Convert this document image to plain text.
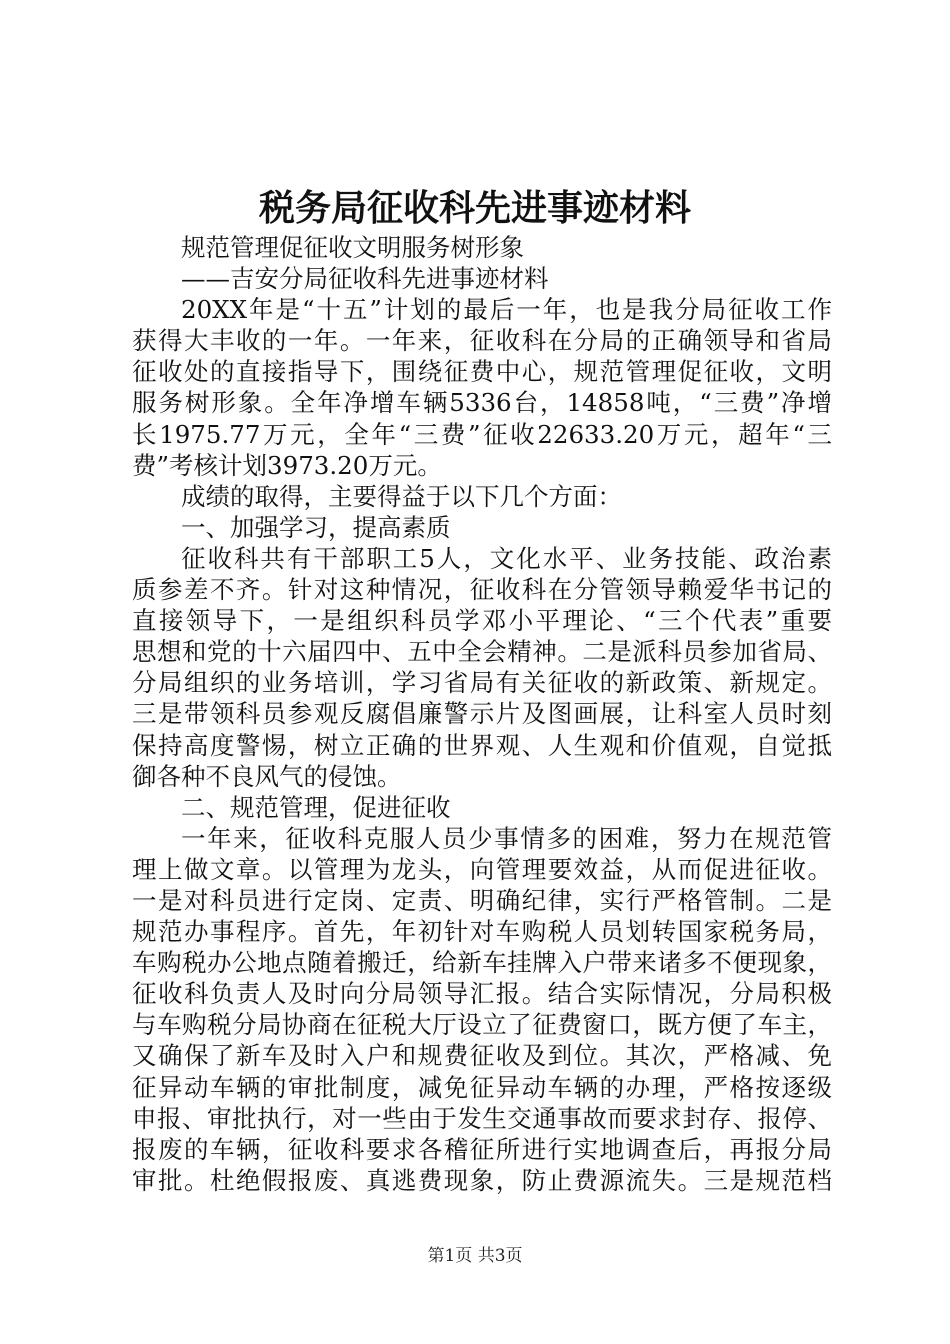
税务局征收科先进事迹材料
规范管理促征收文明服务树形象
——吉安分局征收科先进事迹材料
20XX年是“十五”计划的最后一年，也是我分局征收工作
获得大丰收的一年。一年来，征收科在分局的正确领导和省局
征收处的直接指导下，围绕征费中心，规范管理促征收，文明
服务树形象。全年净增车辆5336台，14858吨，“三费”净增
长1975.77万元，全年“三费”征收22633.20万元，超年“三
费”考核计划3973.20万元。
成绩的取得，主要得益于以下几个方面：
一、加强学习，提高素质
征收科共有干部职工5人，文化水平、业务技能、政治素
质参差不齐。针对这种情况，征收科在分管领导赖爱华书记的
直接领导下，一是组织科员学邓小平理论、“三个代表”重要
思想和党的十六届四中、五中全会精神。二是派科员参加省局、
分局组织的业务培训，学习省局有关征收的新政策、新规定。
三是带领科员参观反腐倡廉警示片及图画展，让科室人员时刻
保持高度警惕，树立正确的世界观、人生观和价值观，自觉抵
御各种不良风气的侵蚀。
二、规范管理，促进征收
一年来，征收科克服人员少事情多的困难，努力在规范管
理上做文章。以管理为龙头，向管理要效益，从而促进征收。
一是对科员进行定岗、定责、明确纪律，实行严格管制。二是
规范办事程序。首先，年初针对车购税人员划转国家税务局，
车购税办公地点随着搬迁，给新车挂牌入户带来诸多不便现象，
征收科负责人及时向分局领导汇报。结合实际情况，分局积极
与车购税分局协商在征税大厅设立了征费窗口，既方便了车主，
又确保了新车及时入户和规费征收及到位。其次，严格减、免
征异动车辆的审批制度，减免征异动车辆的办理，严格按逐级
申报、审批执行，对一些由于发生交通事故而要求封存、报停、
报废的车辆，征收科要求各稽征所进行实地调查后，再报分局
审批。杜绝假报废、真逃费现象，防止费源流失。三是规范档
第1页 共3页
